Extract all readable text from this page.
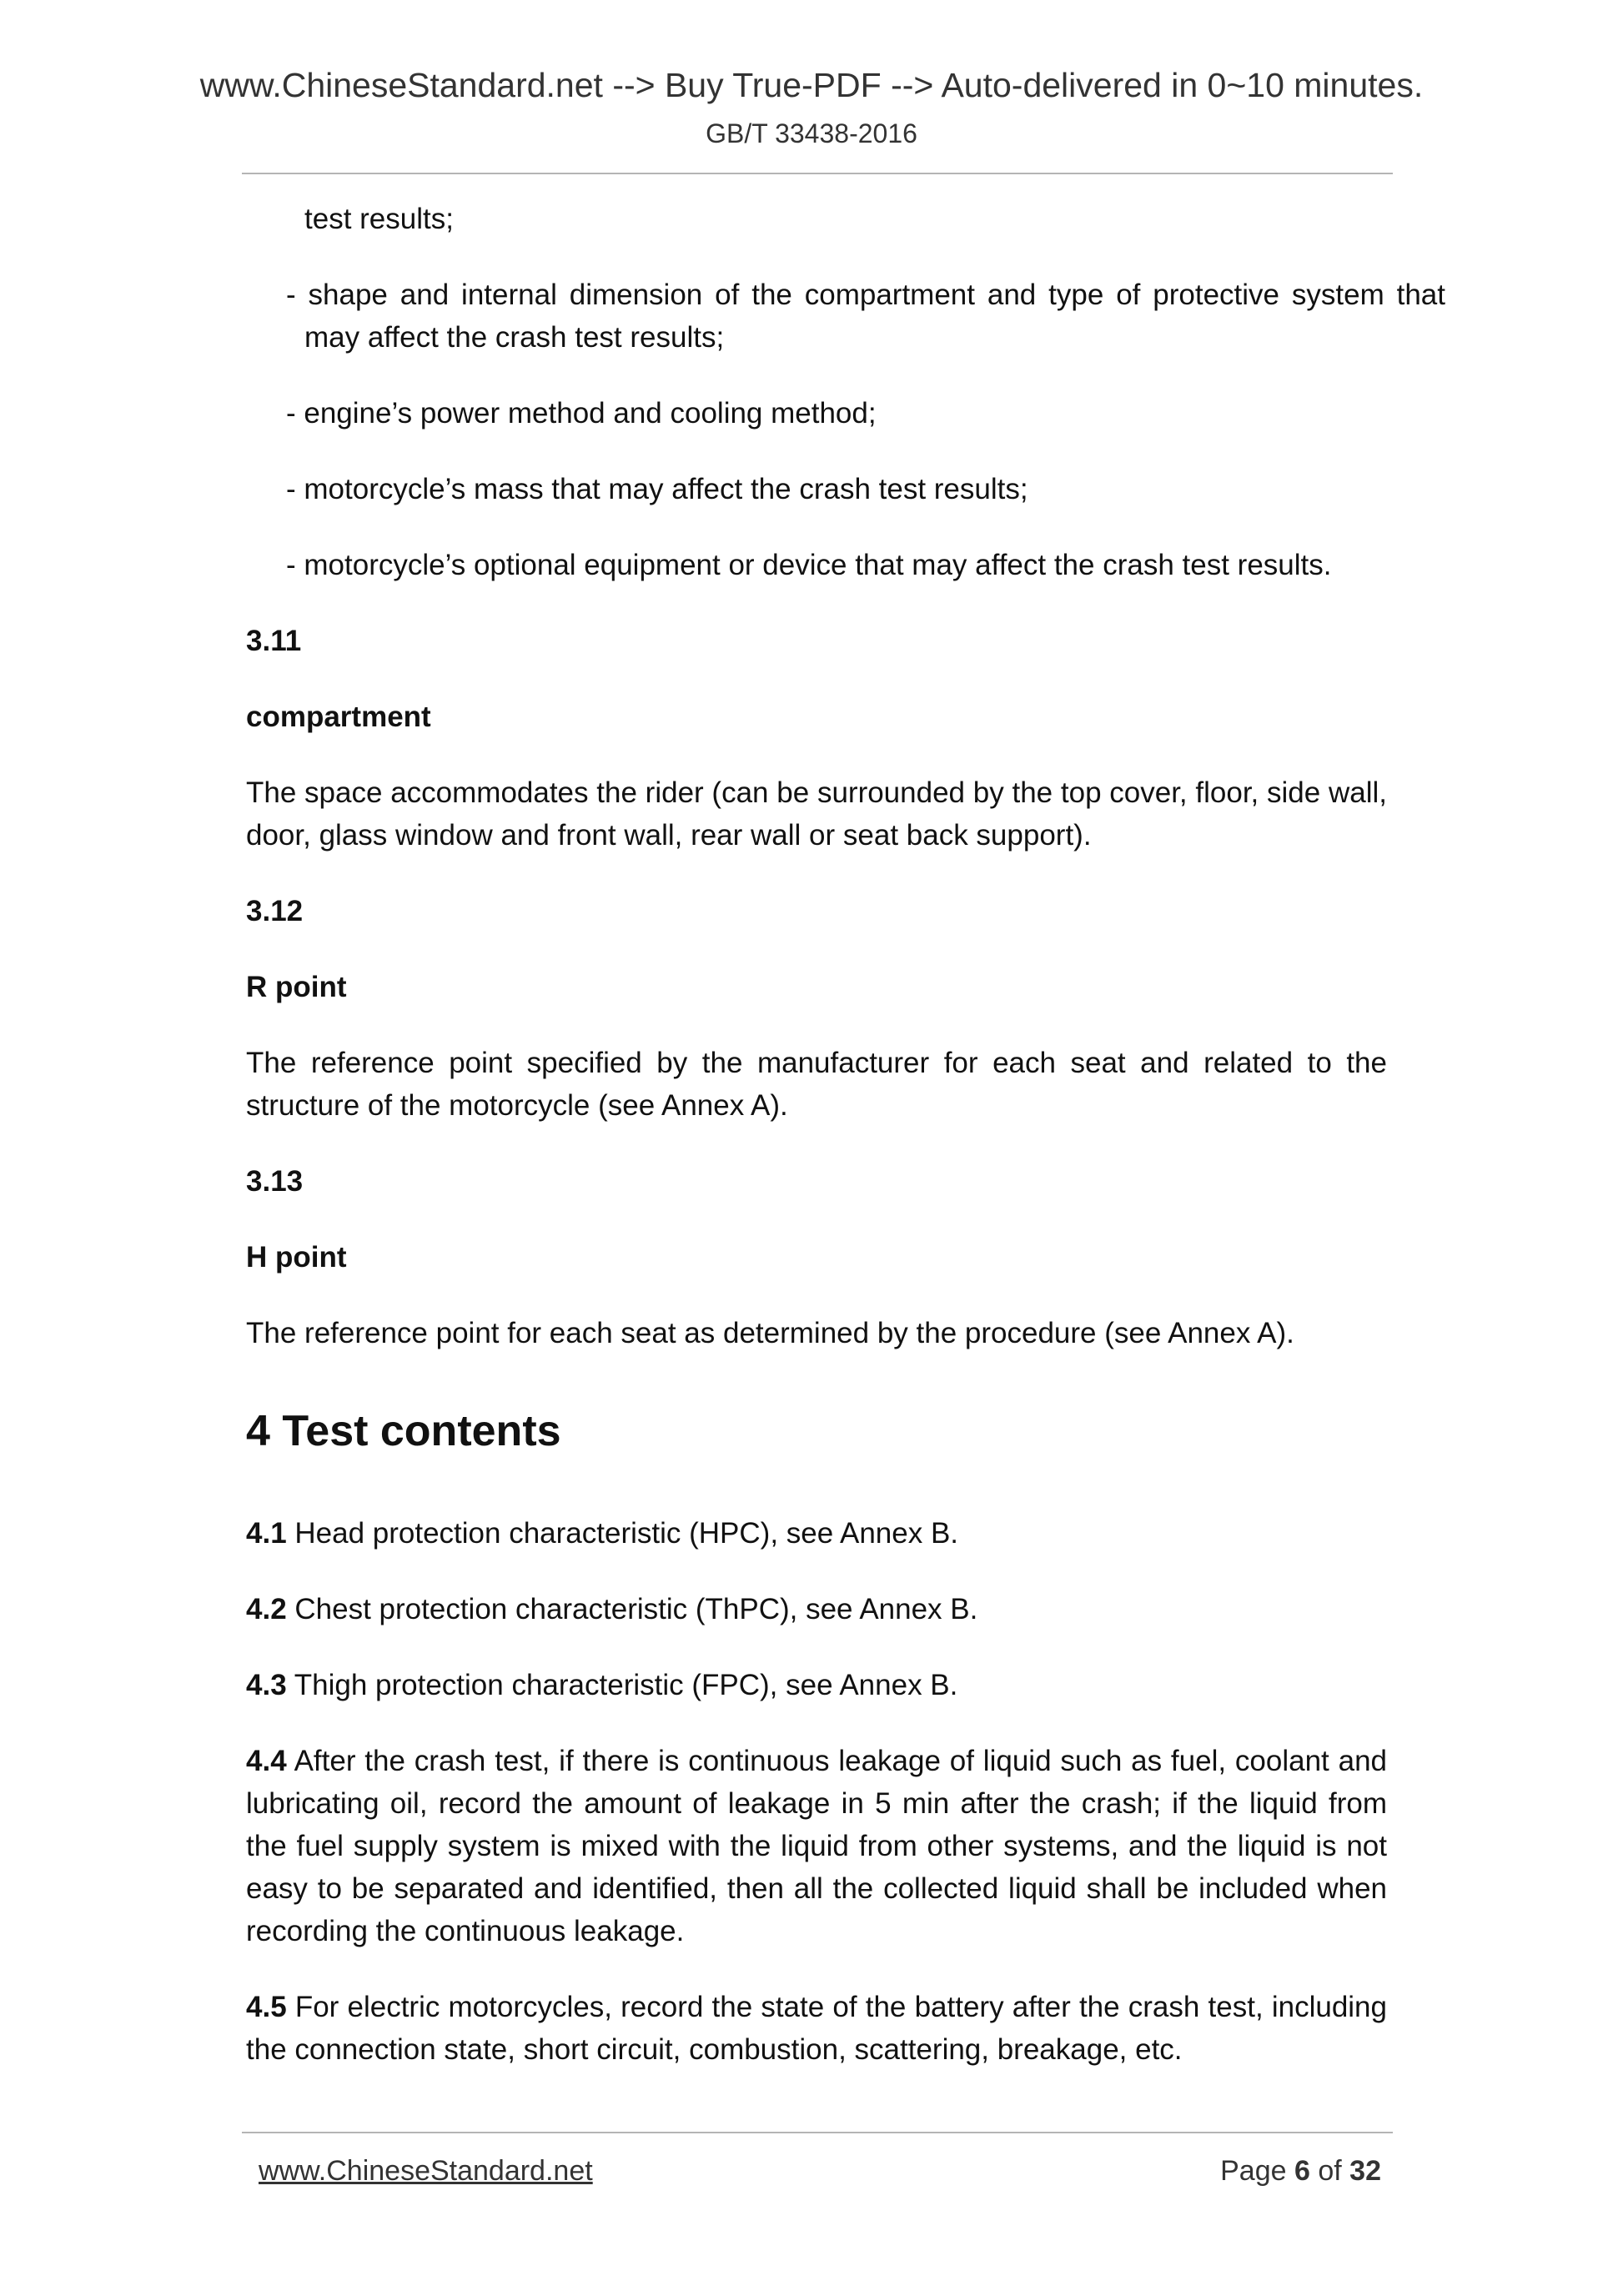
www.ChineseStandard.net --> Buy True-PDF --> Auto-delivered in 0~10 minutes.
GB/T 33438-2016

test results;

- shape and internal dimension of the compartment and type of protective system that may affect the crash test results;

- engine’s power method and cooling method;

- motorcycle’s mass that may affect the crash test results;

- motorcycle’s optional equipment or device that may affect the crash test results.

3.11

compartment

The space accommodates the rider (can be surrounded by the top cover, floor, side wall, door, glass window and front wall, rear wall or seat back support).

3.12

R point

The reference point specified by the manufacturer for each seat and related to the structure of the motorcycle (see Annex A).

3.13

H point

The reference point for each seat as determined by the procedure (see Annex A).

4 Test contents

4.1 Head protection characteristic (HPC), see Annex B.

4.2 Chest protection characteristic (ThPC), see Annex B.

4.3 Thigh protection characteristic (FPC), see Annex B.

4.4 After the crash test, if there is continuous leakage of liquid such as fuel, coolant and lubricating oil, record the amount of leakage in 5 min after the crash; if the liquid from the fuel supply system is mixed with the liquid from other systems, and the liquid is not easy to be separated and identified, then all the collected liquid shall be included when recording the continuous leakage.

4.5 For electric motorcycles, record the state of the battery after the crash test, including the connection state, short circuit, combustion, scattering, breakage, etc.

www.ChineseStandard.net	Page 6 of 32
